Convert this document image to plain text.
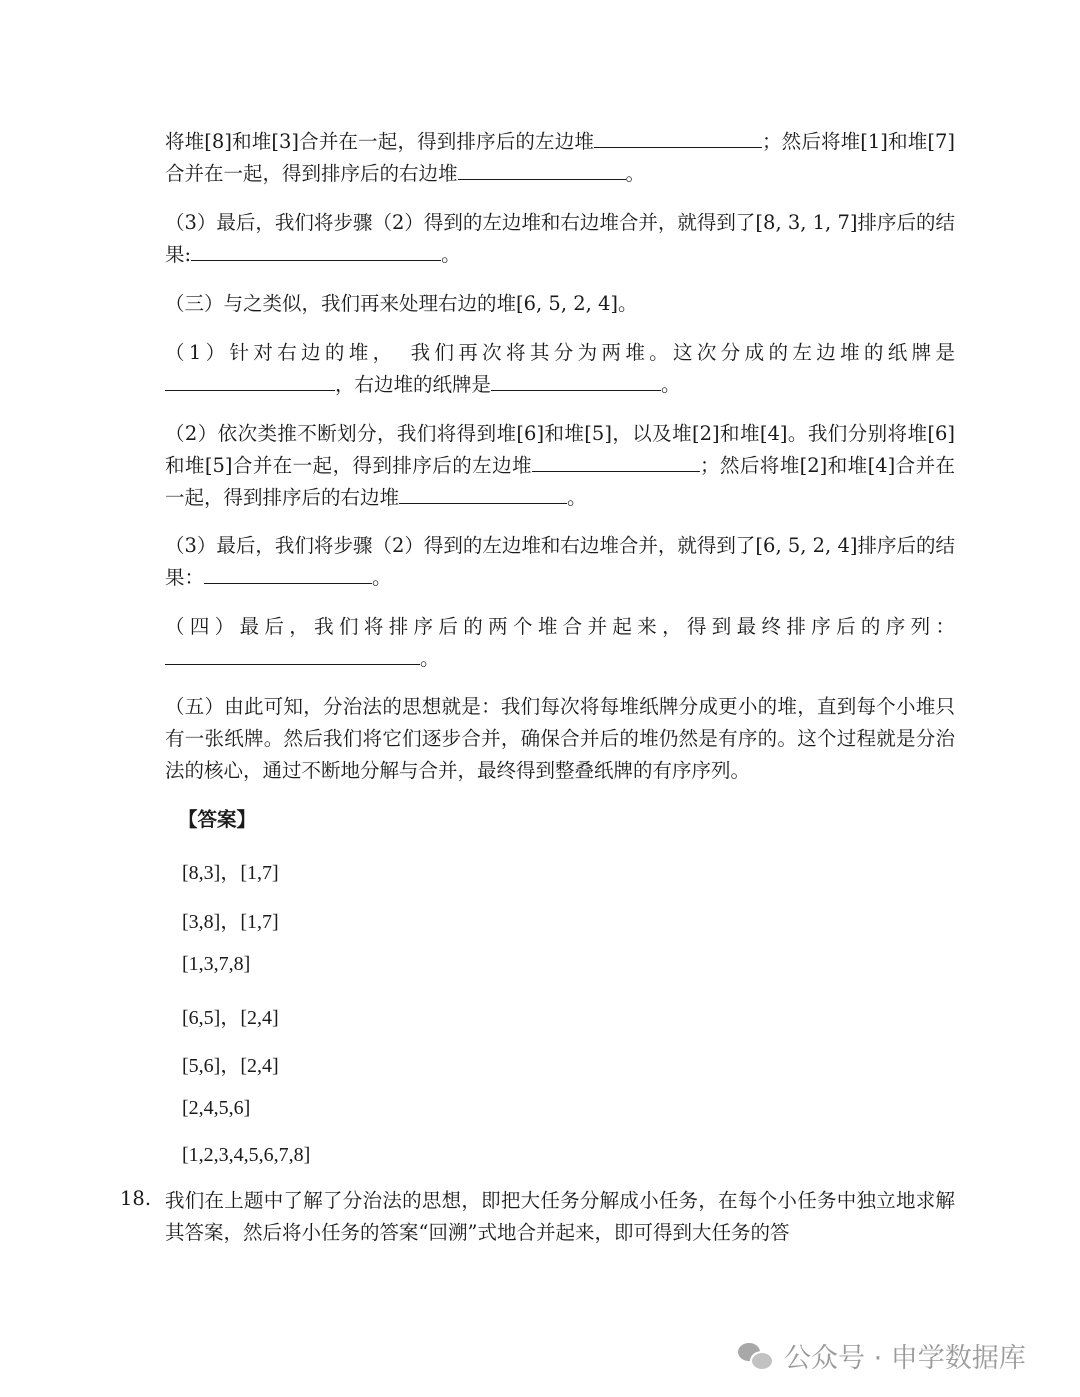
将堆[8]和堆[3]合并在一起，得到排序后的左边堆	；然后将堆[1]和堆[7]合并在一起，得到排序后的右边堆	。

（3）最后，我们将步骤（2）得到的左边堆和右边堆合并，就得到了[8, 3, 1, 7]排序后的结果:	。

（三）与之类似，我们再来处理右边的堆[6, 5, 2, 4]。

（1）针对右边的堆，　我们再次将其分为两堆。这次分成的左边堆的纸牌是，右边堆的纸牌是	。

（2）依次类推不断划分，我们将得到堆[6]和堆[5]，以及堆[2]和堆[4]。我们分别将堆[6]和堆[5]合并在一起，得到排序后的左边堆	；然后将堆[2]和堆[4]合并在一起，得到排序后的右边堆	。

（3）最后，我们将步骤（2）得到的左边堆和右边堆合并，就得到了[6, 5, 2, 4]排序后的结果：	。

（四）最后，我们将排序后的两个堆合并起来，得到最终排序后的序列：。

（五）由此可知，分治法的思想就是：我们每次将每堆纸牌分成更小的堆，直到每个小堆只有一张纸牌。然后我们将它们逐步合并，确保合并后的堆仍然是有序的。这个过程就是分治法的核心，通过不断地分解与合并，最终得到整叠纸牌的有序序列。

【答案】
[8,3]，[1,7]
[3,8]，[1,7]
[1,3,7,8]
[6,5]，[2,4]
[5,6]，[2,4]
[2,4,5,6]
[1,2,3,4,5,6,7,8]
18. 我们在上题中了解了分治法的思想，即把大任务分解成小任务，在每个小任务中独立地求解其答案，然后将小任务的答案“回溯”式地合并起来，即可得到大任务的答

公众号 · 申学数据库
